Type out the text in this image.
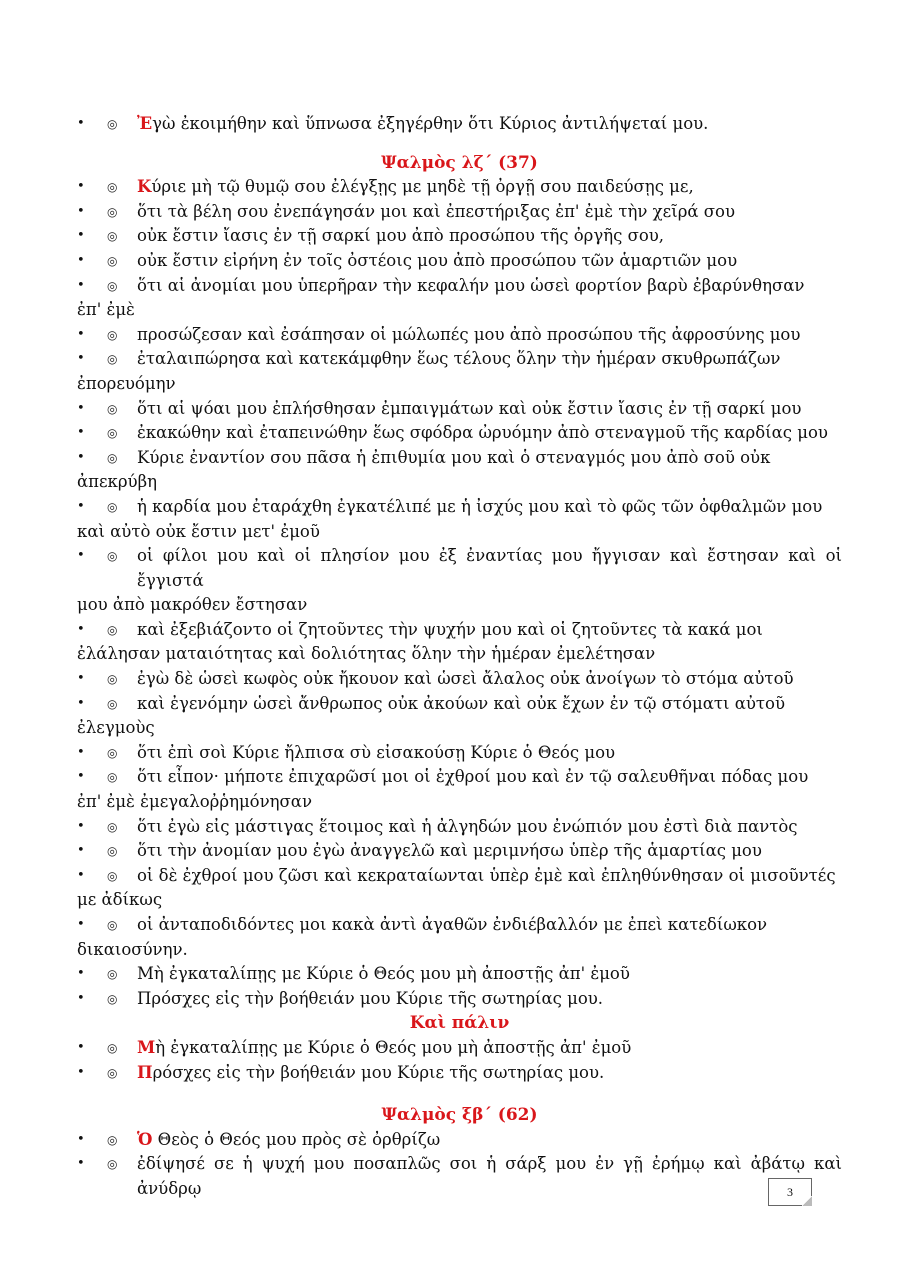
•	◎	Ἐγὼ ἐκοιμήθην καὶ ὕπνωσα ἐξηγέρθην ὅτι Κύριος ἀντιλήψεταί μου.
Ψαλμὸς λζ΄ (37)
•	◎	Κύριε μὴ τῷ θυμῷ σου ἐλέγξῃς με μηδὲ τῇ ὀργῇ σου παιδεύσῃς με,
•	◎	ὅτι τὰ βέλη σου ἐνεπάγησάν μοι καὶ ἐπεστήριξας ἐπ' ἐμὲ τὴν χεῖρά σου
•	◎	οὐκ ἔστιν ἴασις ἐν τῇ σαρκί μου ἀπὸ προσώπου τῆς ὀργῆς σου,
•	◎	οὐκ ἔστιν εἰρήνη ἐν τοῖς ὀστέοις μου ἀπὸ προσώπου τῶν ἁμαρτιῶν μου
•	◎	ὅτι αἱ ἀνομίαι μου ὑπερῆραν τὴν κεφαλήν μου ὡσεὶ φορτίον βαρὺ ἐβαρύνθησαν
ἐπ' ἐμὲ
•	◎	προσώζεσαν καὶ ἐσάπησαν οἱ μώλωπές μου ἀπὸ προσώπου τῆς ἀφροσύνης μου
•	◎	ἐταλαιπώρησα καὶ κατεκάμφθην ἕως τέλους ὅλην τὴν ἡμέραν σκυθρωπάζων
ἐπορευόμην
•	◎	ὅτι αἱ ψόαι μου ἐπλήσθησαν ἐμπαιγμάτων καὶ οὐκ ἔστιν ἴασις ἐν τῇ σαρκί μου
•	◎	ἐκακώθην καὶ ἐταπεινώθην ἕως σφόδρα ὠρυόμην ἀπὸ στεναγμοῦ τῆς καρδίας μου
•	◎	Κύριε ἐναντίον σου πᾶσα ἡ ἐπιθυμία μου καὶ ὁ στεναγμός μου ἀπὸ σοῦ οὐκ
ἀπεκρύβη
•	◎	ἡ καρδία μου ἐταράχθη ἐγκατέλιπέ με ἡ ἰσχύς μου καὶ τὸ φῶς τῶν ὀφθαλμῶν μου
καὶ αὐτὸ οὐκ ἔστιν μετ' ἐμοῦ
•	◎	οἱ φίλοι μου καὶ οἱ πλησίον μου ἐξ ἐναντίας μου ἤγγισαν καὶ ἔστησαν καὶ οἱ ἔγγιστά
μου ἀπὸ μακρόθεν ἔστησαν
•	◎	καὶ ἐξεβιάζοντο οἱ ζητοῦντες τὴν ψυχήν μου καὶ οἱ ζητοῦντες τὰ κακά μοι
ἐλάλησαν ματαιότητας καὶ δολιότητας ὅλην τὴν ἡμέραν ἐμελέτησαν
•	◎	ἐγὼ δὲ ὡσεὶ κωφὸς οὐκ ἤκουον καὶ ὡσεὶ ἄλαλος οὐκ ἀνοίγων τὸ στόμα αὐτοῦ
•	◎	καὶ ἐγενόμην ὡσεὶ ἄνθρωπος οὐκ ἀκούων καὶ οὐκ ἔχων ἐν τῷ στόματι αὐτοῦ
ἐλεγμοὺς
•	◎	ὅτι ἐπὶ σοὶ Κύριε ἤλπισα σὺ εἰσακούσῃ Κύριε ὁ Θεός μου
•	◎	ὅτι εἶπον· μήποτε ἐπιχαρῶσί μοι οἱ ἐχθροί μου καὶ ἐν τῷ σαλευθῆναι πόδας μου
ἐπ' ἐμὲ ἐμεγαλοῤῥημόνησαν
•	◎	ὅτι ἐγὼ εἰς μάστιγας ἕτοιμος καὶ ἡ ἀλγηδών μου ἐνώπιόν μου ἐστὶ διὰ παντὸς
•	◎	ὅτι τὴν ἀνομίαν μου ἐγὼ ἀναγγελῶ καὶ μεριμνήσω ὑπὲρ τῆς ἁμαρτίας μου
•	◎	οἱ δὲ ἐχθροί μου ζῶσι καὶ κεκραταίωνται ὑπὲρ ἐμὲ καὶ ἐπληθύνθησαν οἱ μισοῦντές
με ἀδίκως
•	◎	οἱ ἀνταποδιδόντες μοι κακὰ ἀντὶ ἀγαθῶν ἐνδιέβαλλόν με ἐπεὶ κατεδίωκον
δικαιοσύνην.
•	◎	Μὴ ἐγκαταλίπῃς με Κύριε ὁ Θεός μου μὴ ἀποστῇς ἀπ' ἐμοῦ
•	◎	Πρόσχες εἰς τὴν βοήθειάν μου Κύριε τῆς σωτηρίας μου.
Καὶ πάλιν
•	◎	Μὴ ἐγκαταλίπῃς με Κύριε ὁ Θεός μου μὴ ἀποστῇς ἀπ' ἐμοῦ
•	◎	Πρόσχες εἰς τὴν βοήθειάν μου Κύριε τῆς σωτηρίας μου.
Ψαλμὸς ξβ΄ (62)
•	◎	Ὁ Θεὸς ὁ Θεός μου πρὸς σὲ ὀρθρίζω
•	◎	ἐδίψησέ σε ἡ ψυχή μου ποσαπλῶς σοι ἡ σάρξ μου ἐν γῇ ἐρήμῳ καὶ ἀβάτῳ καὶ ἀνύδρῳ	3
